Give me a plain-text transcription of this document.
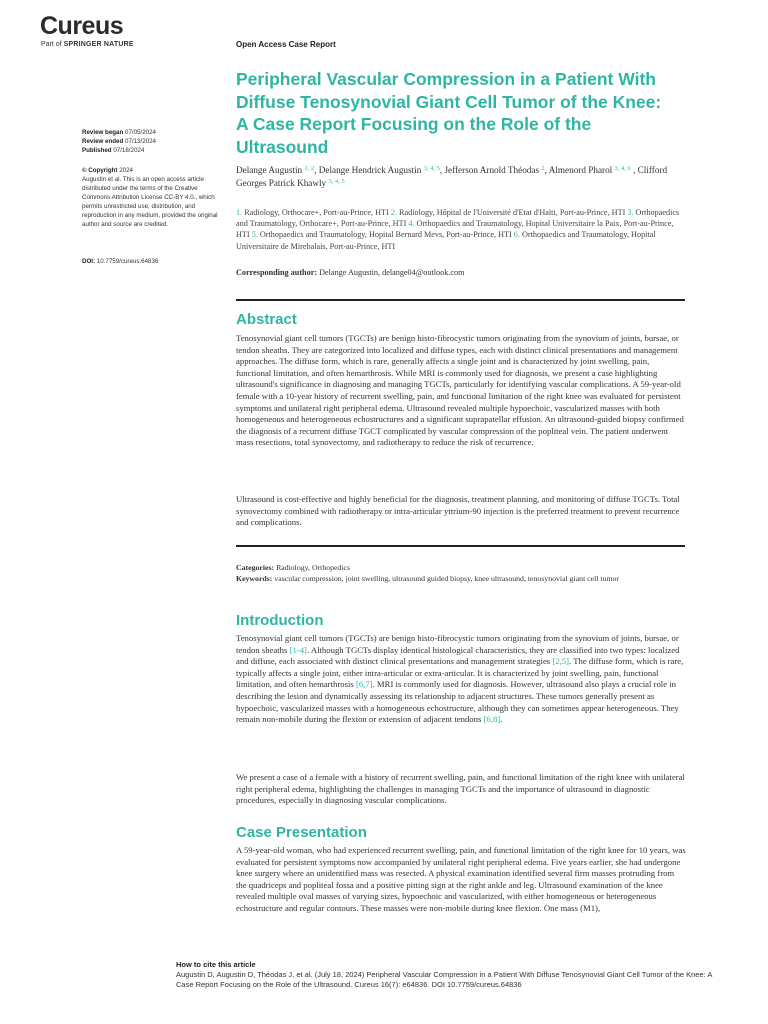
Cureus
Part of SPRINGER NATURE	Open Access Case Report
Review began 07/05/2024
Review ended 07/13/2024
Published 07/18/2024
© Copyright 2024
Augustin et al. This is an open access article distributed under the terms of the Creative Commons Attribution License CC-BY 4.0., which permits unrestricted use, distribution, and reproduction in any medium, provided the original author and source are credited.
DOI: 10.7759/cureus.64836
Peripheral Vascular Compression in a Patient With Diffuse Tenosynovial Giant Cell Tumor of the Knee: A Case Report Focusing on the Role of the Ultrasound
Delange Augustin $^{1, 2}$, Delange Hendrick Augustin $^{3, 4, 5}$, Jefferson Arnold Théodas $^2$, Almenord Pharol $^{3, 4, 6}$ , Clifford Georges Patrick Khawly $^{3, 4, 5}$
1. Radiology, Orthocare+, Port-au-Prince, HTI 2. Radiology, Hôpital de l'Université d'Etat d'Haïti, Port-au-Prince, HTI 3. Orthopaedics and Traumatology, Orthocare+, Port-au-Prince, HTI 4. Orthopaedics and Traumatology, Hopital Universitaire la Paix, Port-au-Prince, HTI 5. Orthopaedics and Traumatology, Hopital Bernard Mevs, Port-au-Prince, HTI 6. Orthopaedics and Traumatology, Hopital Universitaire de Mirebalais, Port-au-Prince, HTI
Corresponding author: Delange Augustin, delange04@outlook.com
Abstract
Tenosynovial giant cell tumors (TGCTs) are benign histo-fibrocystic tumors originating from the synovium of joints, bursae, or tendon sheaths. They are categorized into localized and diffuse types, each with distinct clinical presentations and management approaches. The diffuse form, which is rare, generally affects a single joint and is characterized by joint swelling, pain, functional limitation, and often hemarthrosis. While MRI is commonly used for diagnosis, we present a case highlighting ultrasound's significance in diagnosing and managing TGCTs, particularly for identifying vascular complications. A 59-year-old female with a 10-year history of recurrent swelling, pain, and functional limitation of the right knee was evaluated for persistent symptoms and unilateral right peripheral edema. Ultrasound revealed multiple hypoechoic, vascularized masses with both homogeneous and heterogeneous echostructures and a significant suprapatellar effusion. An ultrasound-guided biopsy confirmed the diagnosis of a recurrent diffuse TGCT complicated by vascular compression of the popliteal vein. The patient underwent mass resections, total synovectomy, and radiotherapy to reduce the risk of recurrence.
Ultrasound is cost-effective and highly beneficial for the diagnosis, treatment planning, and monitoring of diffuse TGCTs. Total synovectomy combined with radiotherapy or intra-articular yttrium-90 injection is the preferred treatment to prevent recurrence and complications.
Categories: Radiology, Orthopedics
Keywords: vascular compression, joint swelling, ultrasound guided biopsy, knee ultrasound, tenosynovial giant cell tumor
Introduction
Tenosynovial giant cell tumors (TGCTs) are benign histo-fibrocystic tumors originating from the synovium of joints, bursae, or tendon sheaths [1-4]. Although TGCTs display identical histological characteristics, they are classified into two types: localized and diffuse, each associated with distinct clinical presentations and management strategies [2,5]. The diffuse form, which is rare, typically affects a single joint, either intra-articular or extra-articular. It is characterized by joint swelling, pain, functional limitation, and often hemarthrosis [6,7]. MRI is commonly used for diagnosis. However, ultrasound also plays a crucial role in describing the lesion and dynamically assessing its relationship to adjacent structures. These tumors generally present as hypoechoic, vascularized masses with a homogeneous echostructure, although they can sometimes appear heterogeneous. They remain non-mobile during the flexion or extension of adjacent tendons [6,8].
We present a case of a female with a history of recurrent swelling, pain, and functional limitation of the right knee with unilateral right peripheral edema, highlighting the challenges in managing TGCTs and the importance of ultrasound in diagnostic procedures, especially in diagnosing vascular complications.
Case Presentation
A 59-year-old woman, who had experienced recurrent swelling, pain, and functional limitation of the right knee for 10 years, was evaluated for persistent symptoms now accompanied by unilateral right peripheral edema. Five years earlier, she had undergone knee surgery where an unidentified mass was resected. A physical examination identified several firm masses protruding from the quadriceps and popliteal fossa and a positive pitting sign at the right ankle and leg. Ultrasound examination of the knee revealed multiple oval masses of varying sizes, hypoechoic and vascularized, with either homogeneous or heterogeneous echostructure and regular contours. These masses were non-mobile during knee flexion. One mass (M1),
How to cite this article
Augustin D, Augustin D, Théodas J, et al. (July 18, 2024) Peripheral Vascular Compression in a Patient With Diffuse Tenosynovial Giant Cell Tumor of the Knee: A Case Report Focusing on the Role of the Ultrasound. Cureus 16(7): e64836. DOI 10.7759/cureus.64836
